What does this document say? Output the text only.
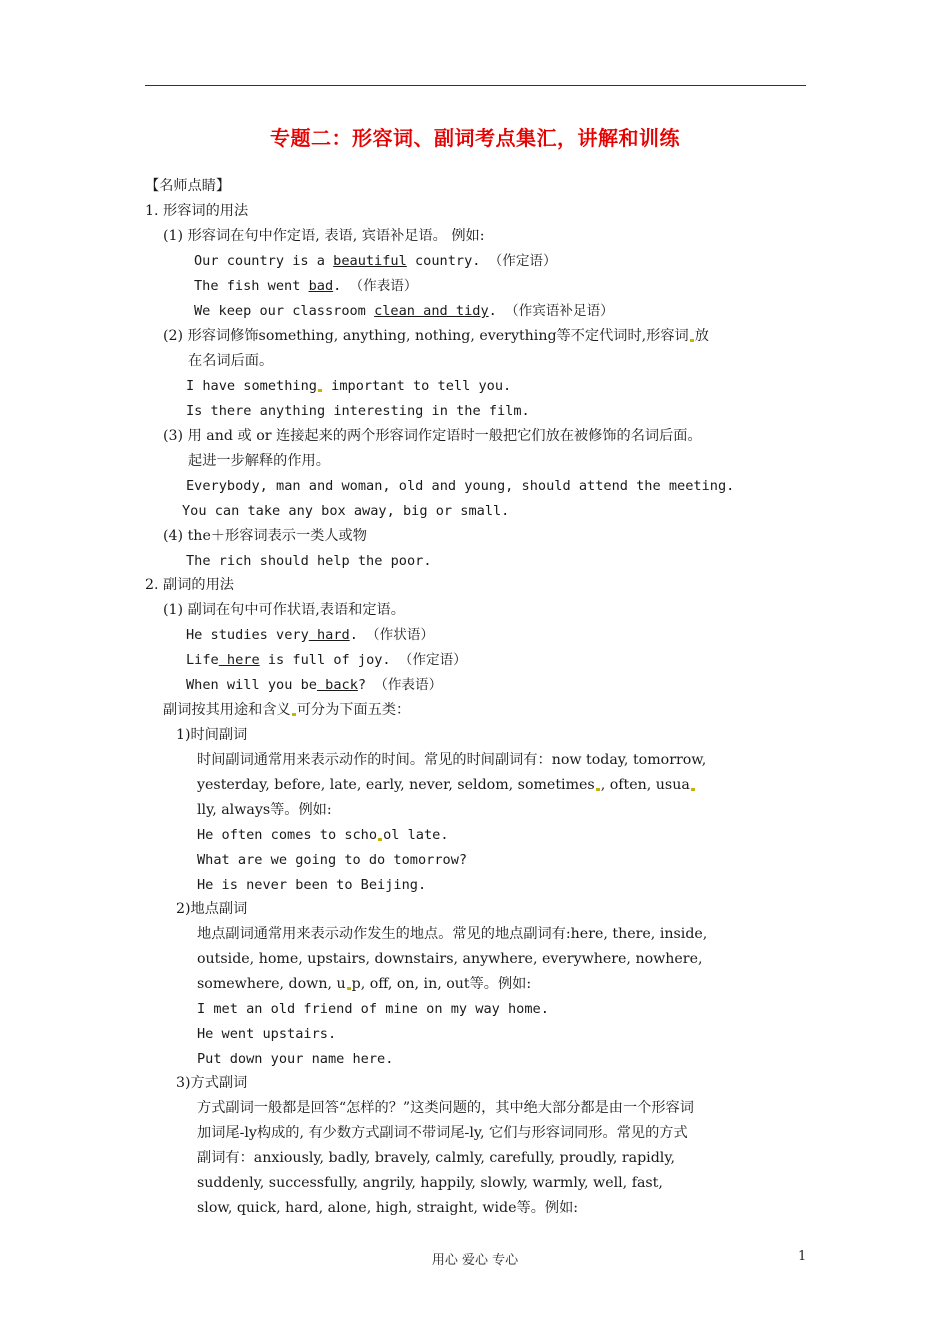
专题二：形容词、副词考点集汇，讲解和训练
【名师点睛】
1. 形容词的用法
(1) 形容词在句中作定语, 表语, 宾语补足语。 例如:
Our country is a beautiful country. （作定语）
The fish went bad. （作表语）
We keep our classroom clean and tidy. （作宾语补足语）
(2) 形容词修饰something, anything, nothing, everything等不定代词时,形容词 放
在名词后面。
I have something important to tell you.
Is there anything interesting in the film.
(3) 用 and 或 or 连接起来的两个形容词作定语时一般把它们放在被修饰的名词后面。
起进一步解释的作用。
Everybody, man and woman, old and young, should attend the meeting.
You can take any box away, big or small.
(4) the＋形容词表示一类人或物
The rich should help the poor.
2. 副词的用法
(1) 副词在句中可作状语,表语和定语。
He studies very hard. （作状语）
Life here is full of joy. （作定语）
When will you be back? （作表语）
副词按其用途和含义 可分为下面五类：
1)时间副词
时间副词通常用来表示动作的时间。常见的时间副词有：now today, tomorrow,
yesterday, before, late, early, never, seldom, sometimes , often, usua
lly, always等。例如:
He often comes to scho ol late.
What are we going to do tomorrow?
He is never been to Beijing.
2)地点副词
地点副词通常用来表示动作发生的地点。常见的地点副词有:here, there, inside,
outside, home, upstairs, downstairs, anywhere, everywhere, nowhere,
somewhere, down, u p, off, on, in, out等。例如:
I met an old friend of mine on my way home.
He went upstairs.
Put down your name here.
3)方式副词
方式副词一般都是回答“怎样的？”这类问题的，其中绝大部分都是由一个形容词
加词尾-ly构成的, 有少数方式副词不带词尾-ly, 它们与形容词同形。常见的方式
副词有：anxiously, badly, bravely, calmly, carefully, proudly, rapidly,
suddenly, successfully, angrily, happily, slowly, warmly, well, fast,
slow, quick, hard, alone, high, straight, wide等。例如:
用心 爱心 专心	1
